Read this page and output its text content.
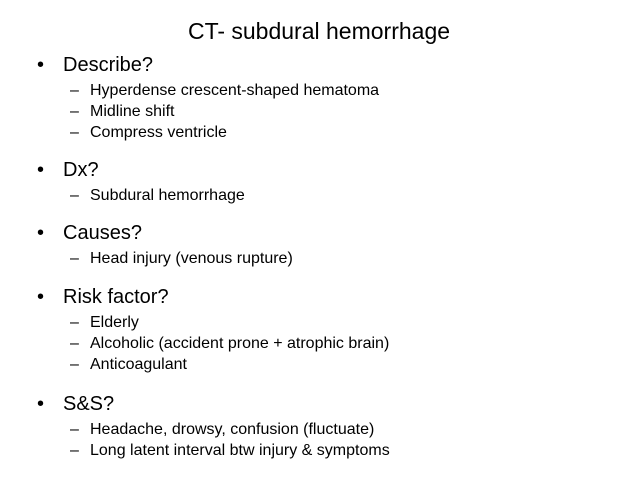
CT- subdural hemorrhage
• Describe?
– Hyperdense crescent-shaped hematoma
– Midline shift
– Compress ventricle
• Dx?
– Subdural hemorrhage
• Causes?
– Head injury (venous rupture)
• Risk factor?
– Elderly
– Alcoholic (accident prone + atrophic brain)
– Anticoagulant
• S&S?
– Headache, drowsy, confusion (fluctuate)
– Long latent interval btw injury & symptoms
